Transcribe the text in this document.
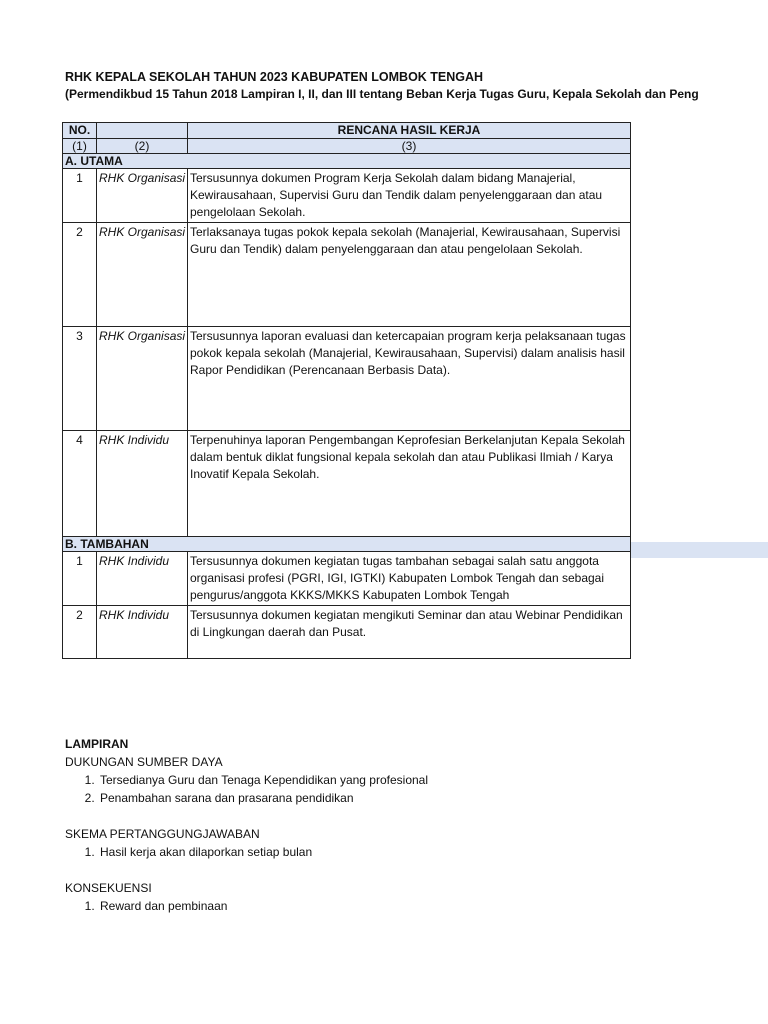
RHK KEPALA SEKOLAH TAHUN 2023 KABUPATEN LOMBOK TENGAH
(Permendikbud 15 Tahun 2018 Lampiran I, II, dan III tentang Beban Kerja Tugas Guru, Kepala Sekolah dan Peng
NO.		RENCANA HASIL KERJA
(1)	(2)	(3)
A. UTAMA		
1	RHK Organisasi	Tersusunnya dokumen Program Kerja Sekolah dalam bidang Manajerial, Kewirausahaan, Supervisi Guru dan Tendik dalam penyelenggaraan dan atau pengelolaan Sekolah.
2	RHK Organisasi	Terlaksanaya tugas pokok kepala sekolah (Manajerial, Kewirausahaan, Supervisi Guru dan Tendik) dalam penyelenggaraan dan atau pengelolaan Sekolah.
3	RHK Organisasi	Tersusunnya laporan evaluasi dan ketercapaian program kerja pelaksanaan tugas pokok kepala sekolah (Manajerial, Kewirausahaan, Supervisi) dalam analisis hasil Rapor Pendidikan (Perencanaan Berbasis Data).
4	RHK Individu	Terpenuhinya laporan Pengembangan Keprofesian Berkelanjutan Kepala Sekolah dalam bentuk diklat fungsional kepala sekolah dan atau Publikasi Ilmiah / Karya Inovatif Kepala Sekolah.
B. TAMBAHAN		
1	RHK Individu	Tersusunnya dokumen kegiatan tugas tambahan sebagai salah satu anggota organisasi profesi (PGRI, IGI, IGTKI) Kabupaten Lombok Tengah dan sebagai pengurus/anggota KKKS/MKKS Kabupaten Lombok Tengah
2	RHK Individu	Tersusunnya dokumen kegiatan mengikuti Seminar dan atau Webinar Pendidikan di Lingkungan daerah dan Pusat.
LAMPIRAN
DUKUNGAN SUMBER DAYA
1. Tersedianya Guru dan Tenaga Kependidikan yang profesional
2. Penambahan sarana dan prasarana pendidikan
SKEMA PERTANGGUNGJAWABAN
1. Hasil kerja akan dilaporkan setiap bulan
KONSEKUENSI
1. Reward dan pembinaan
